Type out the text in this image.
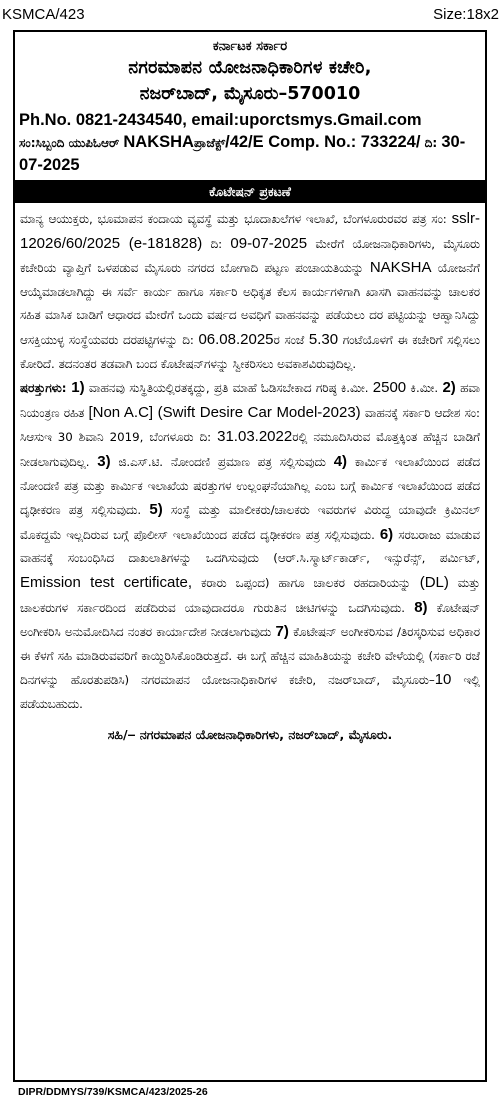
KSMCA/423	Size:18x2
ಕರ್ನಾಟಕ ಸರ್ಕಾರ
ನಗರಮಾಪನ ಯೋಜನಾಧಿಕಾರಿಗಳ ಕಚೇರಿ,
ನಜರ್‌ಬಾದ್, ಮೈಸೂರು–570010
Ph.No. 0821-2434540, email:uporctsmys.Gmail.com
ಸಂ:ಸಿಬ್ಬಂದಿ ಯುಪಿಓಆರ್ NAKSHAಪ್ರಾಜೆಕ್ಟ್/42/E Comp. No.: 733224/ ದಿ: 30-07-2025
ಕೊಟೇಷನ್ ಪ್ರಕಟಣೆ
ಮಾನ್ಯ ಆಯುಕ್ತರು, ಭೂಮಾಪನ ಕಂದಾಯ ವ್ಯವಸ್ಥೆ ಮತ್ತು ಭೂದಾಖಲೆಗಳ ಇಲಾಖೆ, ಬೆಂಗಳೂರುರವರ ಪತ್ರ ಸಂ: sslr-12026/60/2025 (e-181828) ದಿ: 09-07-2025 ಮೇರೆಗೆ ಯೋಜನಾಧಿಕಾರಿಗಳು, ಮೈಸೂರು ಕಚೇರಿಯ ವ್ಯಾಪ್ತಿಗೆ ಒಳಪಡುವ ಮೈಸೂರು ನಗರದ ಬೋಗಾದಿ ಪಟ್ಟಣ ಪಂಚಾಯತಿಯನ್ನು NAKSHA ಯೋಜನೆಗೆ ಆಯ್ಕೆಮಾಡಲಾಗಿದ್ದು ಈ ಸರ್ವೆ ಕಾರ್ಯ ಹಾಗೂ ಸರ್ಕಾರಿ ಅಧಿಕೃತ ಕೆಲಸ ಕಾರ್ಯಗಳಿಗಾಗಿ ಖಾಸಗಿ ವಾಹನವನ್ನು ಚಾಲಕರ ಸಹಿತ ಮಾಸಿಕ ಬಾಡಿಗೆ ಆಧಾರದ ಮೇರೆಗೆ ಒಂದು ವರ್ಷದ ಅವಧಿಗೆ ವಾಹನವನ್ನು ಪಡೆಯಲು ದರ ಪಟ್ಟಿಯನ್ನು ಆಹ್ವಾನಿಸಿದ್ದು ಆಸಕ್ತಿಯುಳ್ಳ ಸಂಸ್ಥೆಯವರು ದರಪಟ್ಟಿಗಳನ್ನು ದಿ: 06.08.2025ರ ಸಂಜೆ 5.30 ಗಂಟೆಯೊಳಗೆ ಈ ಕಚೇರಿಗೆ ಸಲ್ಲಿಸಲು ಕೋರಿದೆ. ತದನಂತರ ತಡವಾಗಿ ಬಂದ ಕೊಟೇಷನ್‌ಗಳನ್ನು ಸ್ವೀಕರಿಸಲು ಅವಕಾಶವಿರುವುದಿಲ್ಲ.
ಷರತ್ತುಗಳು: 1) ವಾಹನವು ಸುಸ್ಥಿತಿಯಲ್ಲಿರತಕ್ಕದ್ದು, ಪ್ರತಿ ಮಾಹೆ ಓಡಿಸಬೇಕಾದ ಗರಿಷ್ಠ ಕಿ.ಮೀ. 2500 ಕಿ.ಮೀ. 2) ಹವಾ ನಿಯಂತ್ರಣ ರಹಿತ [Non A.C] (Swift Desire Car Model-2023) ವಾಹನಕ್ಕೆ ಸರ್ಕಾರಿ ಆದೇಶ ಸಂ: ಸಿಆಸುಇ 30 ಶಿವಾನಿ 2019, ಬೆಂಗಳೂರು ದಿ: 31.03.2022ರಲ್ಲಿ ನಮೂದಿಸಿರುವ ಮೊತ್ತಕ್ಕಿಂತ ಹೆಚ್ಚಿನ ಬಾಡಿಗೆ ನೀಡಲಾಗುವುದಿಲ್ಲ. 3) ಜಿ.ಎಸ್.ಟಿ. ನೋಂದಣಿ ಪ್ರಮಾಣ ಪತ್ರ ಸಲ್ಲಿಸುವುದು 4) ಕಾರ್ಮಿಕ ಇಲಾಖೆಯಿಂದ ಪಡೆದ ನೋಂದಣಿ ಪತ್ರ ಮತ್ತು ಕಾರ್ಮಿಕ ಇಲಾಖೆಯ ಷರತ್ತುಗಳ ಉಲ್ಲಂಘನೆಯಾಗಿಲ್ಲ ಎಂಬ ಬಗ್ಗೆ ಕಾರ್ಮಿಕ ಇಲಾಖೆಯಿಂದ ಪಡೆದ ದೃಢೀಕರಣ ಪತ್ರ ಸಲ್ಲಿಸುವುದು. 5) ಸಂಸ್ಥೆ ಮತ್ತು ಮಾಲೀಕರು/ಚಾಲಕರು ಇವರುಗಳ ವಿರುದ್ಧ ಯಾವುದೇ ಕ್ರಿಮಿನಲ್ ಮೊಕದ್ದಮೆ ಇಲ್ಲದಿರುವ ಬಗ್ಗೆ ಪೊಲೀಸ್ ಇಲಾಖೆಯಿಂದ ಪಡೆದ ದೃಢೀಕರಣ ಪತ್ರ ಸಲ್ಲಿಸುವುದು. 6) ಸರಬರಾಜು ಮಾಡುವ ವಾಹನಕ್ಕೆ ಸಂಬಂಧಿಸಿದ ದಾಖಲಾತಿಗಳನ್ನು ಒದಗಿಸುವುದು (ಆರ್.ಸಿ.ಸ್ಮಾರ್ಟ್‌ಕಾರ್ಡ್, ಇನ್ಸುರೆನ್ಸ್, ಪರ್ಮಿಟ್, Emission test certificate, ಕರಾರು ಒಪ್ಪಂದ) ಹಾಗೂ ಚಾಲಕರ ರಹದಾರಿಯನ್ನು (DL) ಮತ್ತು ಚಾಲಕರುಗಳ ಸರ್ಕಾರದಿಂದ ಪಡೆದಿರುವ ಯಾವುದಾದರೂ ಗುರುತಿನ ಚೀಟಿಗಳನ್ನು ಒದಗಿಸುವುದು. 8) ಕೊಟೇಷನ್ ಅಂಗೀಕರಿಸಿ ಅನುಮೋದಿಸಿದ ನಂತರ ಕಾರ್ಯಾದೇಶ ನೀಡಲಾಗುವುದು 7) ಕೊಟೇಷನ್ ಅಂಗೀಕರಿಸುವ /ತಿರಸ್ಕರಿಸುವ ಅಧಿಕಾರ ಈ ಕೆಳಗೆ ಸಹಿ ಮಾಡಿರುವವರಿಗೆ ಕಾಯ್ದಿರಿಸಿಕೊಂಡಿರುತ್ತದೆ. ಈ ಬಗ್ಗೆ ಹೆಚ್ಚಿನ ಮಾಹಿತಿಯನ್ನು ಕಚೇರಿ ವೇಳೆಯಲ್ಲಿ (ಸರ್ಕಾರಿ ರಜೆ ದಿನಗಳನ್ನು ಹೊರತುಪಡಿಸಿ) ನಗರಮಾಪನ ಯೋಜನಾಧಿಕಾರಿಗಳ ಕಚೇರಿ, ನಜರ್‌ಬಾದ್, ಮೈಸೂರು–10 ಇಲ್ಲಿ ಪಡೆಯಬಹುದು.
ಸಹಿ/– ನಗರಮಾಪನ ಯೋಜನಾಧಿಕಾರಿಗಳು, ನಜರ್‌ಬಾದ್, ಮೈಸೂರು.
DIPR/DDMYS/739/KSMCA/423/2025-26
